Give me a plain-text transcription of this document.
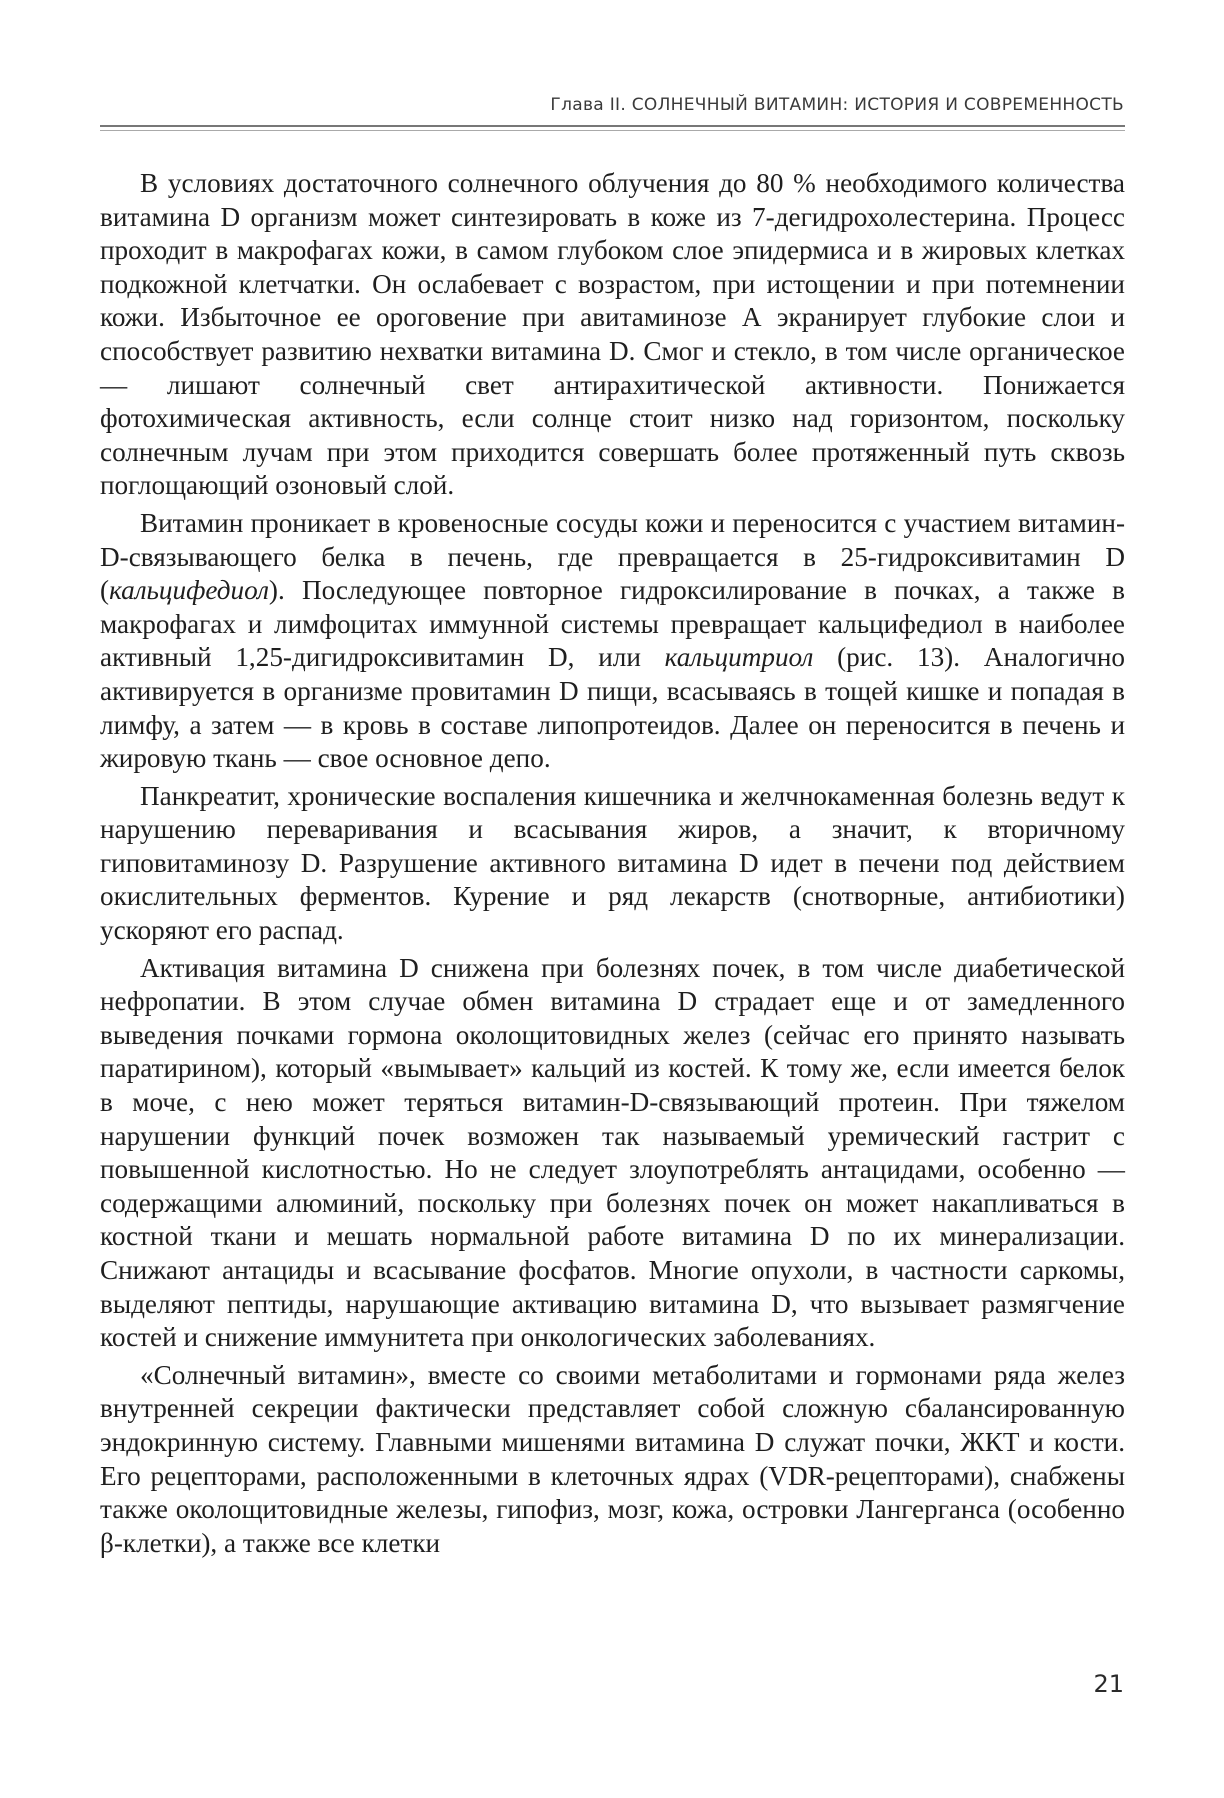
Глава II. СОЛНЕЧНЫЙ ВИТАМИН: ИСТОРИЯ И СОВРЕМЕННОСТЬ

В условиях достаточного солнечного облучения до 80 % необходимого количества витамина D организм может синтезировать в коже из 7-дегидрохолестерина. Процесс проходит в макрофагах кожи, в самом глубоком слое эпидермиса и в жировых клетках подкожной клетчатки. Он ослабевает с возрастом, при истощении и при потемнении кожи. Избыточное ее ороговение при авитаминозе А экранирует глубокие слои и способствует развитию нехватки витамина D. Смог и стекло, в том числе органическое — лишают солнечный свет антирахитической активности. Понижается фотохимическая активность, если солнце стоит низко над горизонтом, поскольку солнечным лучам при этом приходится совершать более протяженный путь сквозь поглощающий озоновый слой.

Витамин проникает в кровеносные сосуды кожи и переносится с участием витамин-D-связывающего белка в печень, где превращается в 25-гидроксивитамин D (кальцифедиол). Последующее повторное гидроксилирование в почках, а также в макрофагах и лимфоцитах иммунной системы превращает кальцифедиол в наиболее активный 1,25-дигидроксивитамин D, или кальцитриол (рис. 13). Аналогично активируется в организме провитамин D пищи, всасываясь в тощей кишке и попадая в лимфу, а затем — в кровь в составе липопротеидов. Далее он переносится в печень и жировую ткань — свое основное депо.

Панкреатит, хронические воспаления кишечника и желчнокаменная болезнь ведут к нарушению переваривания и всасывания жиров, а значит, к вторичному гиповитаминозу D. Разрушение активного витамина D идет в печени под действием окислительных ферментов. Курение и ряд лекарств (снотворные, антибиотики) ускоряют его распад.

Активация витамина D снижена при болезнях почек, в том числе диабетической нефропатии. В этом случае обмен витамина D страдает еще и от замедленного выведения почками гормона околощитовидных желез (сейчас его принято называть паратирином), который «вымывает» кальций из костей. К тому же, если имеется белок в моче, с нею может теряться витамин-D-связывающий протеин. При тяжелом нарушении функций почек возможен так называемый уремический гастрит с повышенной кислотностью. Но не следует злоупотреблять антацидами, особенно — содержащими алюминий, поскольку при болезнях почек он может накапливаться в костной ткани и мешать нормальной работе витамина D по их минерализации. Снижают антациды и всасывание фосфатов. Многие опухоли, в частности саркомы, выделяют пептиды, нарушающие активацию витамина D, что вызывает размягчение костей и снижение иммунитета при онкологических заболеваниях.

«Солнечный витамин», вместе со своими метаболитами и гормонами ряда желез внутренней секреции фактически представляет собой сложную сбалансированную эндокринную систему. Главными мишенями витамина D служат почки, ЖКТ и кости. Его рецепторами, расположенными в клеточных ядрах (VDR-рецепторами), снабжены также околощитовидные железы, гипофиз, мозг, кожа, островки Лангерганса (особенно β-клетки), а также все клетки

21
